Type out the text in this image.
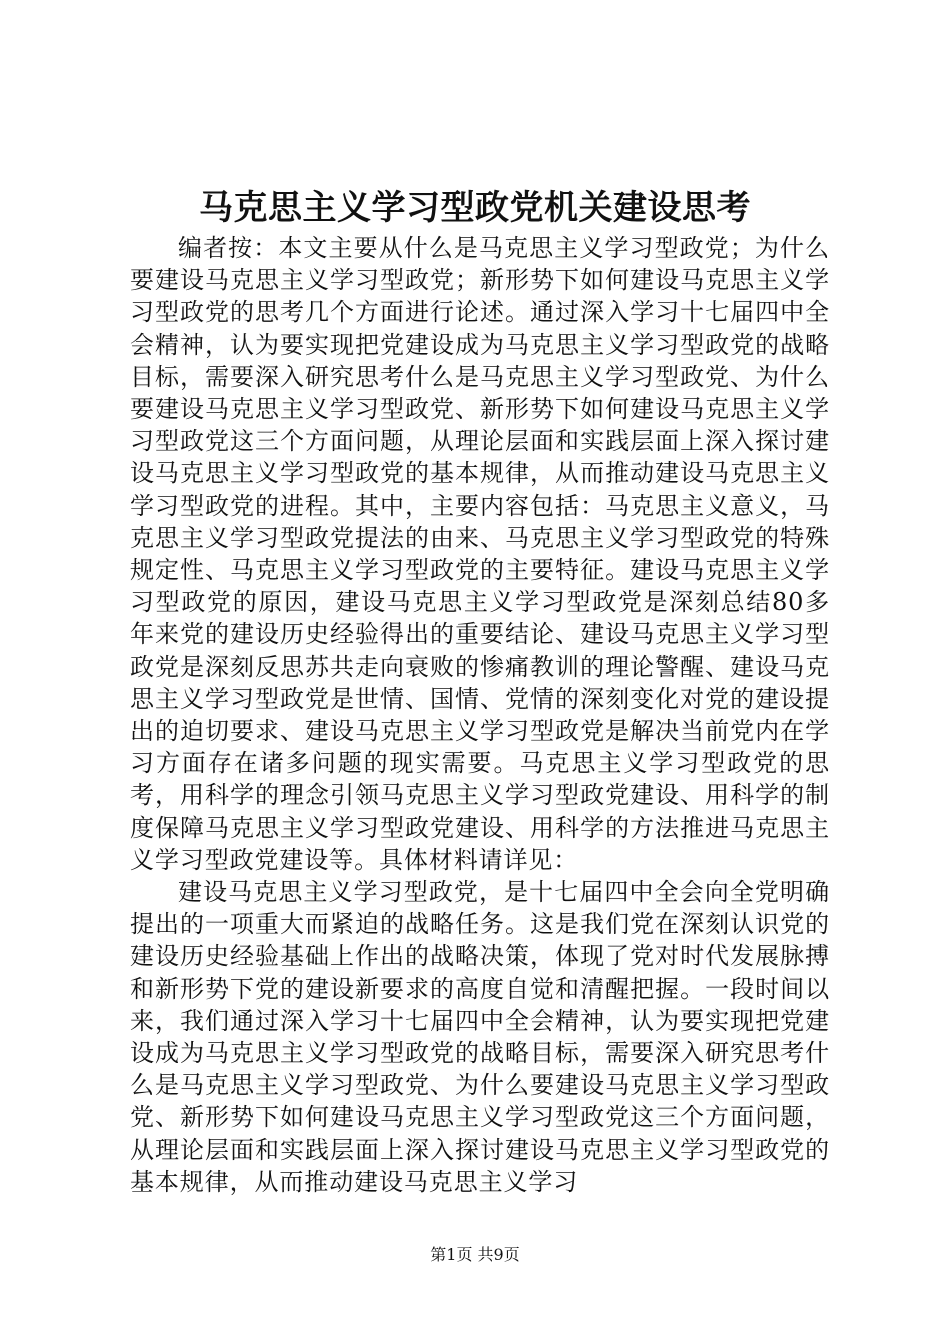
马克思主义学习型政党机关建设思考

编者按：本文主要从什么是马克思主义学习型政党；为什么要建设马克思主义学习型政党；新形势下如何建设马克思主义学习型政党的思考几个方面进行论述。通过深入学习十七届四中全会精神，认为要实现把党建设成为马克思主义学习型政党的战略目标，需要深入研究思考什么是马克思主义学习型政党、为什么要建设马克思主义学习型政党、新形势下如何建设马克思主义学习型政党这三个方面问题，从理论层面和实践层面上深入探讨建设马克思主义学习型政党的基本规律，从而推动建设马克思主义学习型政党的进程。其中，主要内容包括：马克思主义意义，马克思主义学习型政党提法的由来、马克思主义学习型政党的特殊规定性、马克思主义学习型政党的主要特征。建设马克思主义学习型政党的原因，建设马克思主义学习型政党是深刻总结80多年来党的建设历史经验得出的重要结论、建设马克思主义学习型政党是深刻反思苏共走向衰败的惨痛教训的理论警醒、建设马克思主义学习型政党是世情、国情、党情的深刻变化对党的建设提出的迫切要求、建设马克思主义学习型政党是解决当前党内在学习方面存在诸多问题的现实需要。马克思主义学习型政党的思考，用科学的理念引领马克思主义学习型政党建设、用科学的制度保障马克思主义学习型政党建设、用科学的方法推进马克思主义学习型政党建设等。具体材料请详见：

建设马克思主义学习型政党，是十七届四中全会向全党明确提出的一项重大而紧迫的战略任务。这是我们党在深刻认识党的建设历史经验基础上作出的战略决策，体现了党对时代发展脉搏和新形势下党的建设新要求的高度自觉和清醒把握。一段时间以来，我们通过深入学习十七届四中全会精神，认为要实现把党建设成为马克思主义学习型政党的战略目标，需要深入研究思考什么是马克思主义学习型政党、为什么要建设马克思主义学习型政党、新形势下如何建设马克思主义学习型政党这三个方面问题，从理论层面和实践层面上深入探讨建设马克思主义学习型政党的基本规律，从而推动建设马克思主义学习

第1页 共9页
